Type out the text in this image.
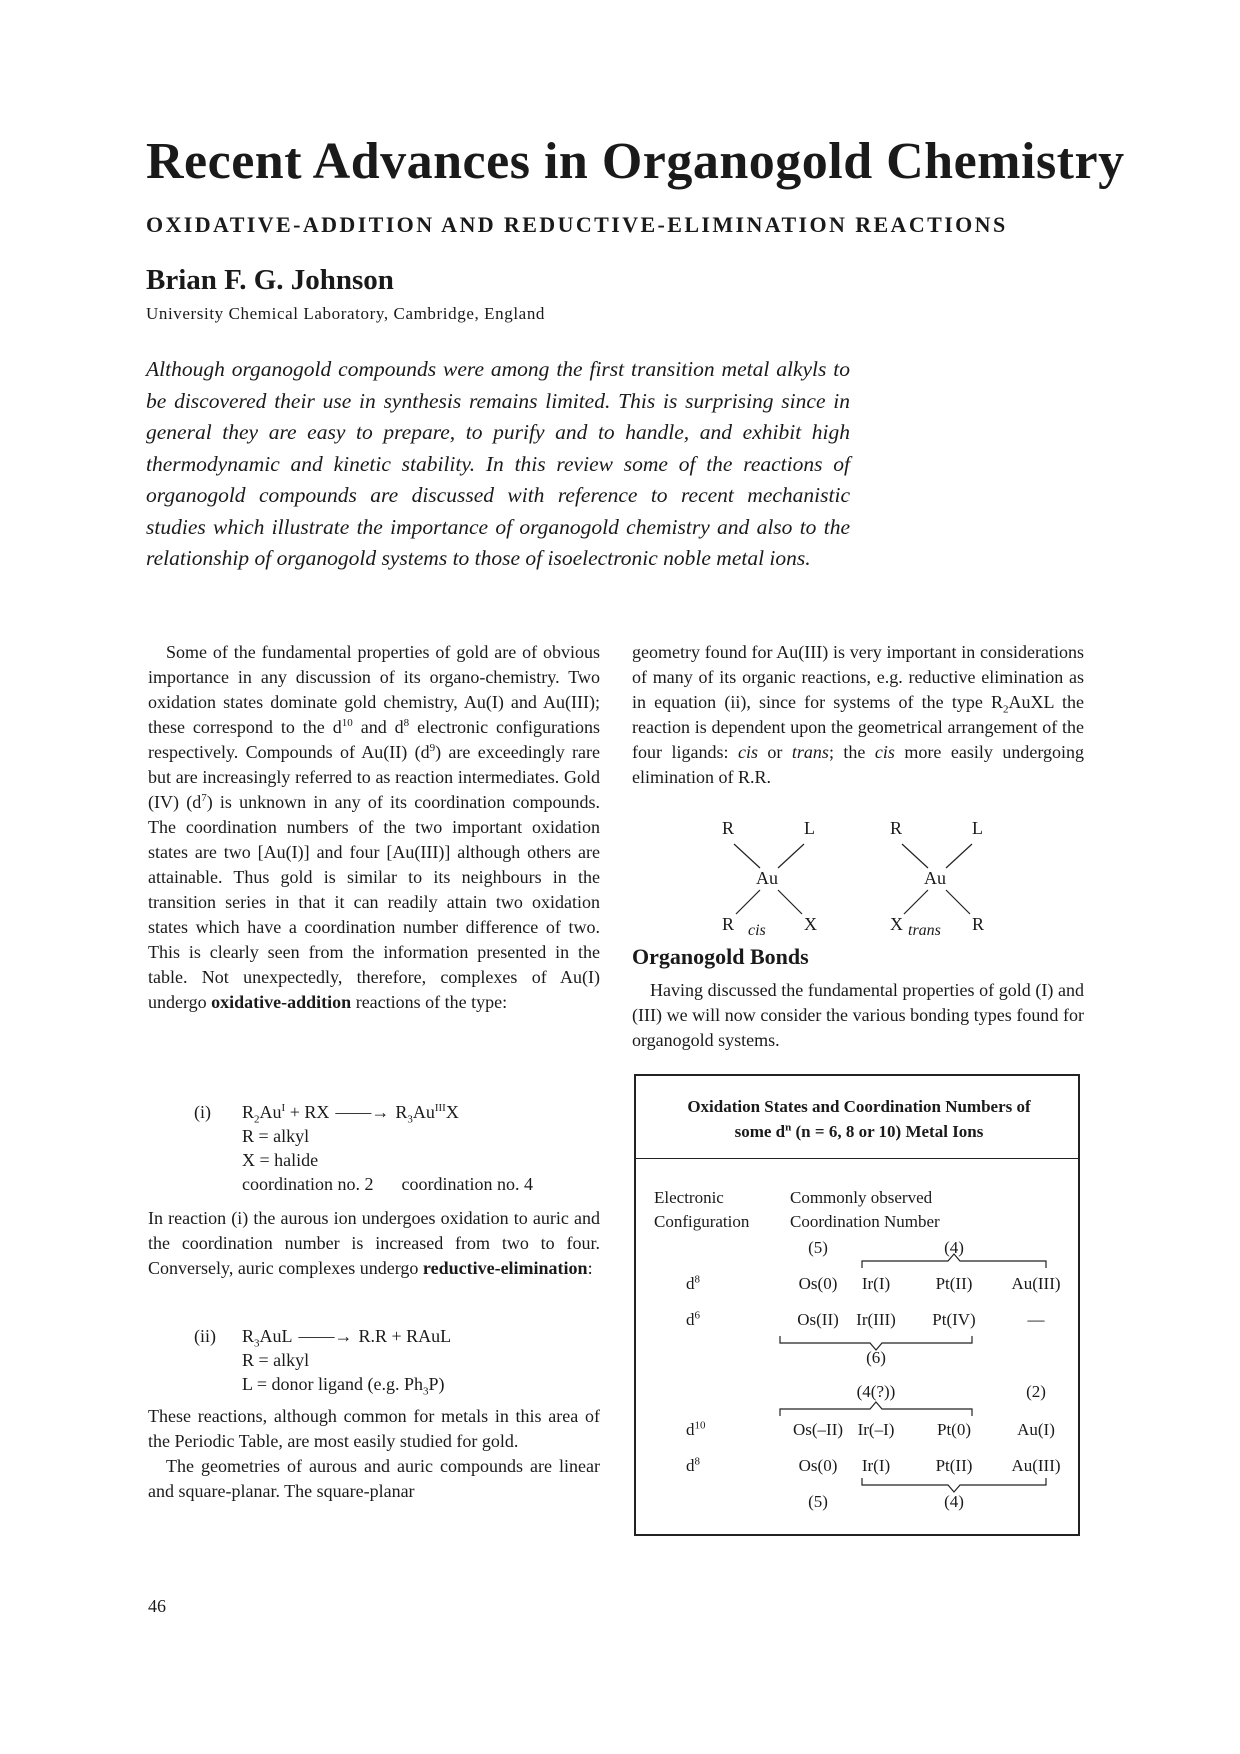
Recent Advances in Organogold Chemistry
OXIDATIVE-ADDITION AND REDUCTIVE-ELIMINATION REACTIONS
Brian F. G. Johnson
University Chemical Laboratory, Cambridge, England

Although organogold compounds were among the first transition metal alkyls to be discovered their use in synthesis remains limited. This is surprising since in general they are easy to prepare, to purify and to handle, and exhibit high thermodynamic and kinetic stability. In this review some of the reactions of organogold compounds are discussed with reference to recent mechanistic studies which illustrate the importance of organogold chemistry and also to the relationship of organogold systems to those of isoelectronic noble metal ions.

Some of the fundamental properties of gold are of obvious importance in any discussion of its organo-chemistry. Two oxidation states dominate gold chemistry, Au(I) and Au(III); these correspond to the $d^{10}$ and $d^8$ electronic configurations respectively. Compounds of Au(II) $(d^9)$ are exceedingly rare but are increasingly referred to as reaction intermediates. Gold (IV) $(d^7)$ is unknown in any of its coordination compounds. The coordination numbers of the two important oxidation states are two [Au(I)] and four [Au(III)] although others are attainable. Thus gold is similar to its neighbours in the transition series in that it can readily attain two oxidation states which have a coordination number difference of two. This is clearly seen from the information presented in the table. Not unexpectedly, therefore, complexes of Au(I) undergo oxidative-addition reactions of the type:

(i) $R_2Au^I$ + RX ——→ $R_3Au^{III}X$
R = alkyl
X = halide
coordination no. 2 coordination no. 4

In reaction (i) the aurous ion undergoes oxidation to auric and the coordination number is increased from two to four. Conversely, auric complexes undergo reductive-elimination:

(ii) $R_3AuL$ ——→ R.R + RAuL
R = alkyl
L = donor ligand (e.g. $Ph_3P$)

These reactions, although common for metals in this area of the Periodic Table, are most easily studied for gold.

The geometries of aurous and auric compounds are linear and square-planar. The square-planar

geometry found for Au(III) is very important in considerations of many of its organic reactions, e.g. reductive elimination as in equation (ii), since for systems of the type $R_2AuXL$ the reaction is dependent upon the geometrical arrangement of the four ligands: cis or trans; the cis more easily undergoing elimination of R.R.

R	L
Au
R	X
cis
R	L
Au
X	R
trans
Organogold Bonds

Having discussed the fundamental properties of gold (I) and (III) we will now consider the various bonding types found for organogold systems.

Oxidation States and Coordination Numbers of
some $d^n$ (n = 6, 8 or 10) Metal Ions
Electronic
Configuration
Commonly observed
Coordination Number
(5)	(4)
$d^8$	Os(0) Ir(I)	Pt(II) Au(III)
$d^6$	Os(II) Ir(III) Pt(IV)	—
(6)
(4(?))	(2)
$d^{10}$	Os(–II) Ir(–I)	Pt(0)	Au(I)
$d^8$	Os(0) Ir(I)	Pt(II) Au(III)
(5)	(4)
46
